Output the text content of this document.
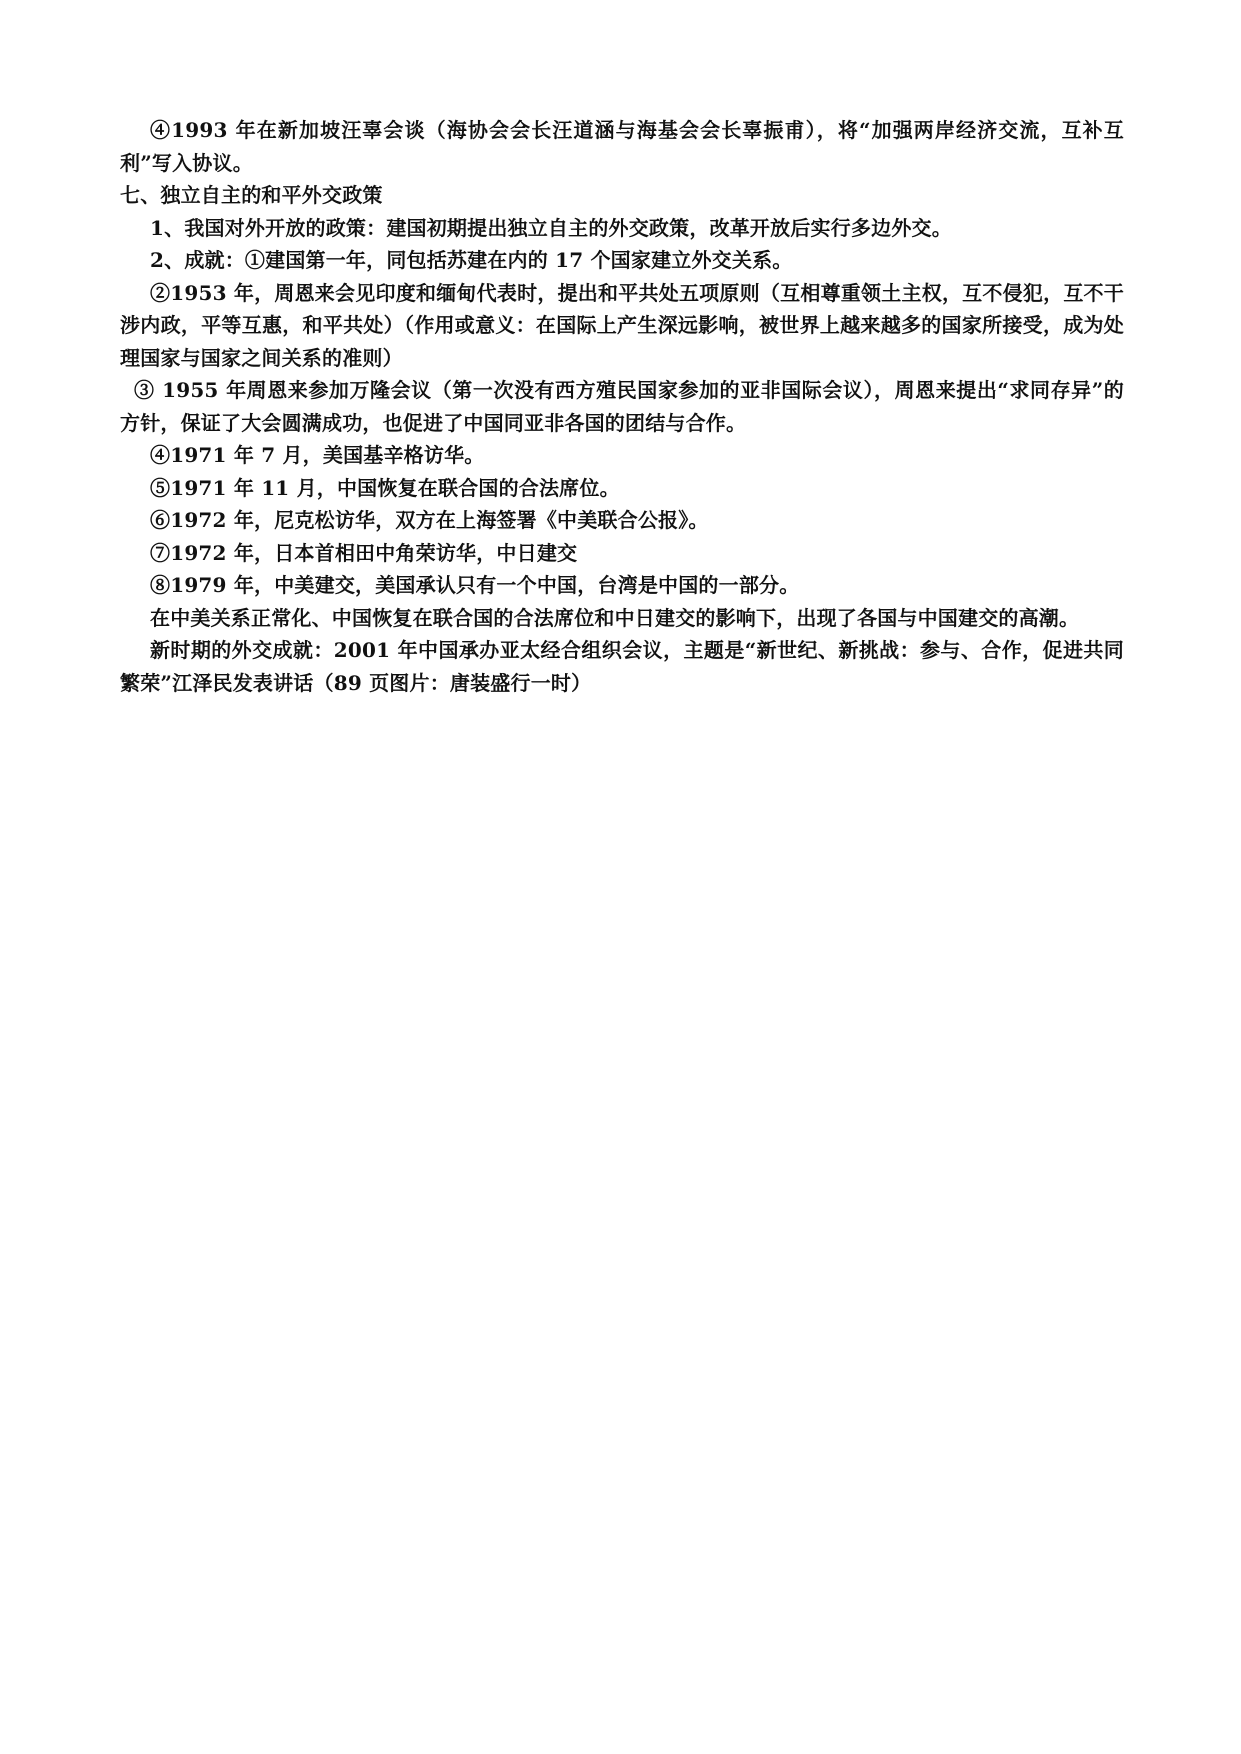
④1993 年在新加坡汪辜会谈（海协会会长汪道涵与海基会会长辜振甫），将“加强两岸经济交流，互补互利”写入协议。

七、独立自主的和平外交政策

1、我国对外开放的政策：建国初期提出独立自主的外交政策，改革开放后实行多边外交。

2、成就：①建国第一年，同包括苏建在内的 17 个国家建立外交关系。

②1953 年，周恩来会见印度和缅甸代表时，提出和平共处五项原则（互相尊重领土主权，互不侵犯，互不干涉内政，平等互惠，和平共处）（作用或意义：在国际上产生深远影响，被世界上越来越多的国家所接受，成为处理国家与国家之间关系的准则）

③ 1955 年周恩来参加万隆会议（第一次没有西方殖民国家参加的亚非国际会议），周恩来提出“求同存异”的方针，保证了大会圆满成功，也促进了中国同亚非各国的团结与合作。

④1971 年 7 月，美国基辛格访华。

⑤1971 年 11 月，中国恢复在联合国的合法席位。

⑥1972 年，尼克松访华，双方在上海签署《中美联合公报》。

⑦1972 年，日本首相田中角荣访华，中日建交

⑧1979 年，中美建交，美国承认只有一个中国，台湾是中国的一部分。

在中美关系正常化、中国恢复在联合国的合法席位和中日建交的影响下，出现了各国与中国建交的高潮。

新时期的外交成就：2001 年中国承办亚太经合组织会议，主题是“新世纪、新挑战：参与、合作，促进共同繁荣”江泽民发表讲话（89 页图片：唐装盛行一时）
